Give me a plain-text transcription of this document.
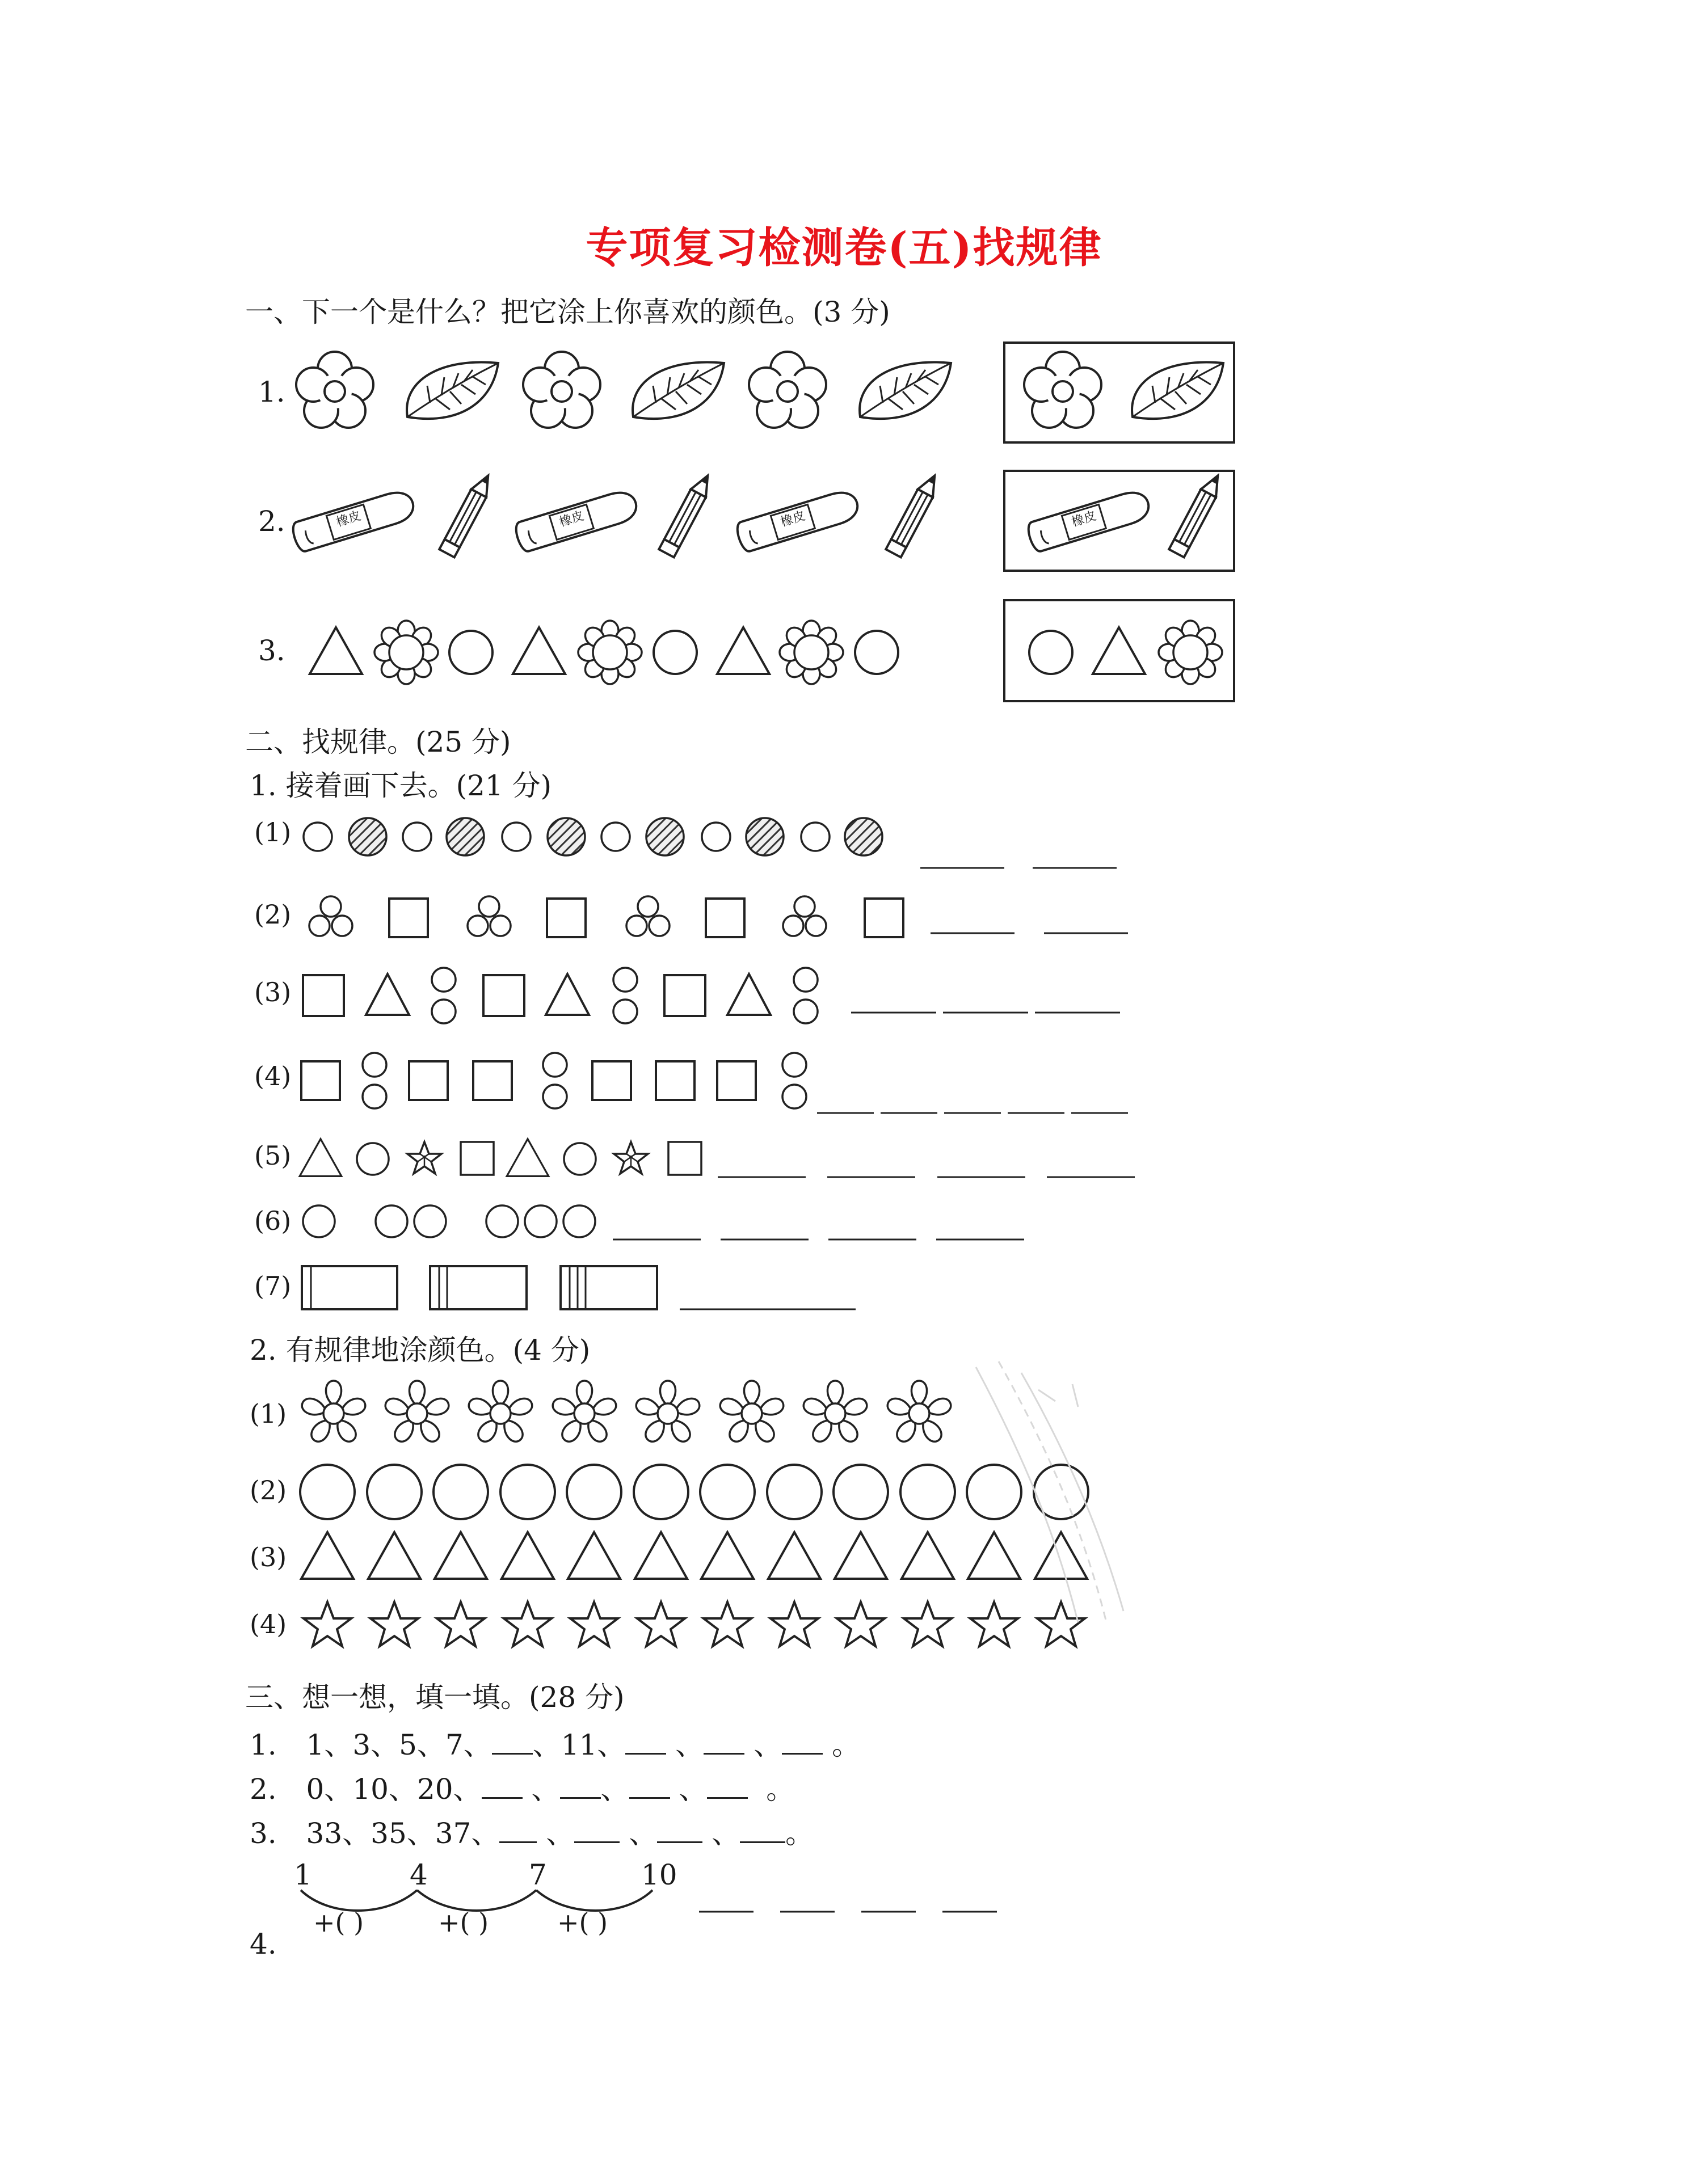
专项复习检测卷(五)找规律
一、下一个是什么？把它涂上你喜欢的颜色。(3 分)
1.
2.
3.
二、找规律。(25 分)
1. 接着画下去。(21 分)
(1)
(2)
(3)
(4)
(5)
(6)
(7)
2. 有规律地涂颜色。(4 分)
(1)
(2)
(3)
(4)
三、想一想，填一填。(28 分)
1. 1、3、5、7、 、11、 、 、 。
2. 0、10、20、 、 、 、 。
3. 33、35、37、 、 、 、 。
4.
1	4	7	10
+( )	+( )	+( )
橡皮	橡皮	橡皮	橡皮
